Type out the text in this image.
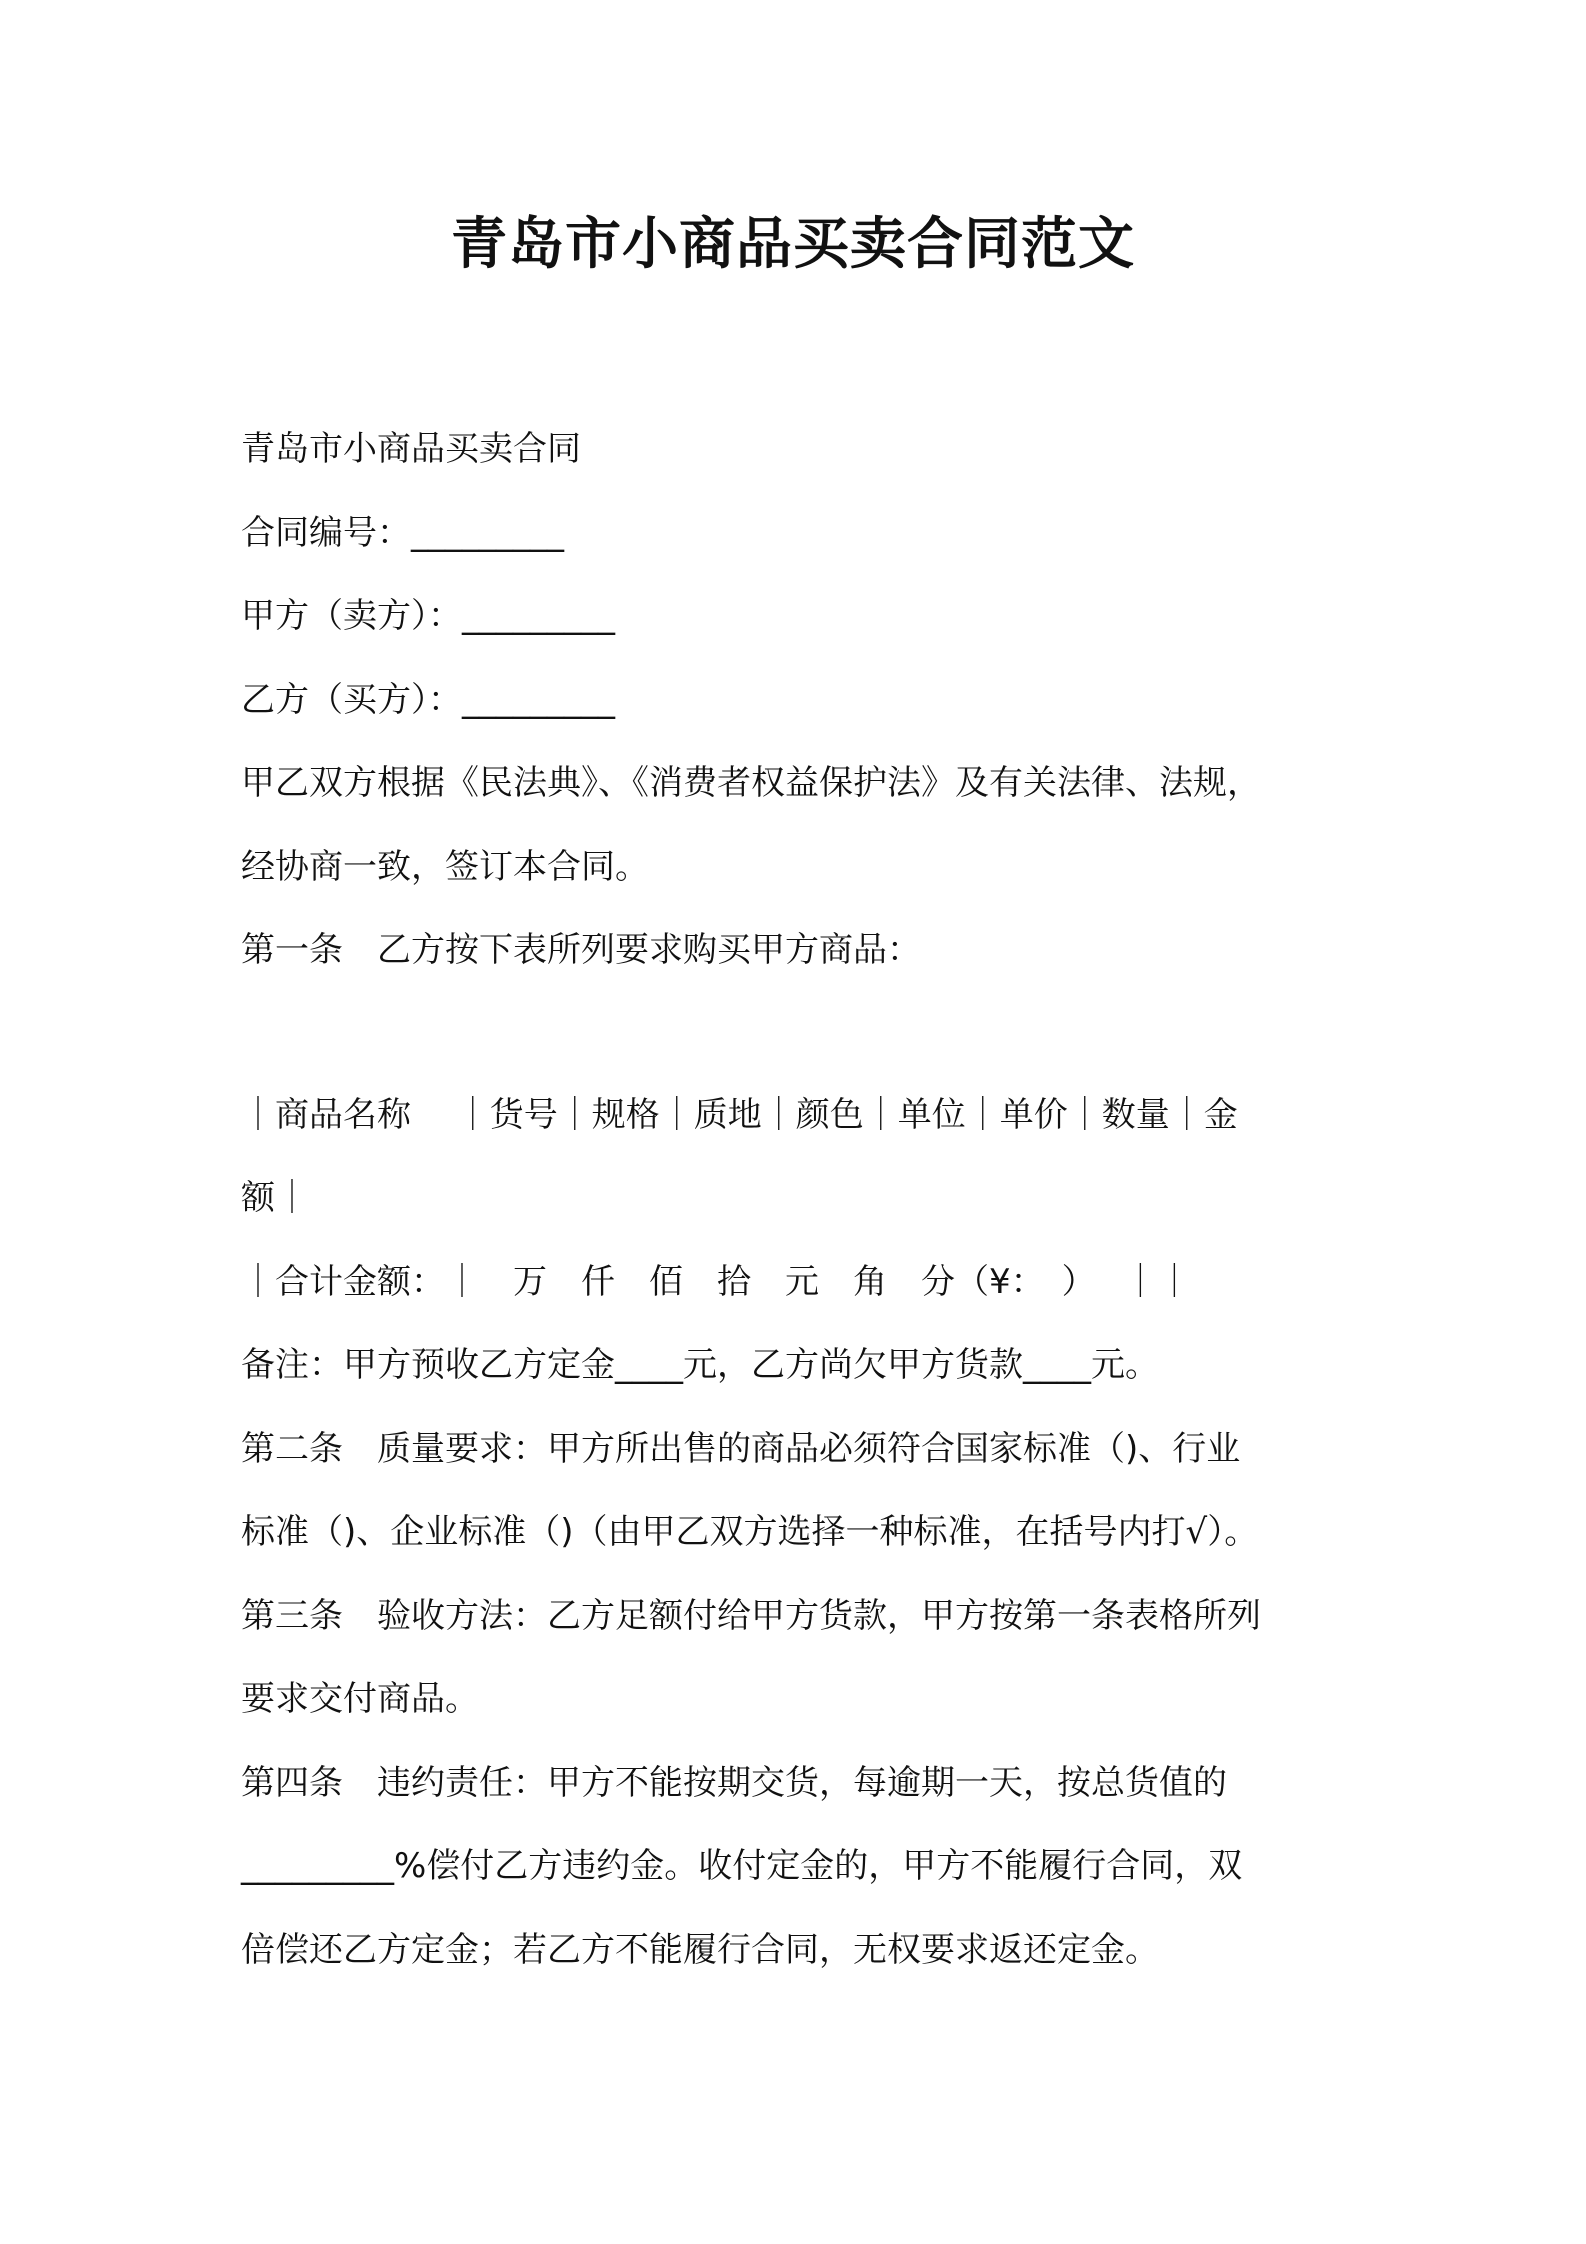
青岛市小商品买卖合同范文
青岛市小商品买卖合同
合同编号：_________
甲方（卖方）：_________
乙方（买方）：_________
甲乙双方根据《民法典》、《消费者权益保护法》及有关法律、法规，
经协商一致，签订本合同。
第一条　乙方按下表所列要求购买甲方商品：
｜商品名称　 ｜货号｜规格｜质地｜颜色｜单位｜单价｜数量｜金
额｜
｜合计金额：｜　万　仟　佰　拾　元　角　分（¥：　）　 ｜｜
备注：甲方预收乙方定金____元，乙方尚欠甲方货款____元。
第二条　质量要求：甲方所出售的商品必须符合国家标准（)、行业
标准（)、企业标准（)（由甲乙双方选择一种标准，在括号内打√）。
第三条　验收方法：乙方足额付给甲方货款，甲方按第一条表格所列
要求交付商品。
第四条　违约责任：甲方不能按期交货，每逾期一天，按总货值的
_________%偿付乙方违约金。收付定金的，甲方不能履行合同，双
倍偿还乙方定金；若乙方不能履行合同，无权要求返还定金。
